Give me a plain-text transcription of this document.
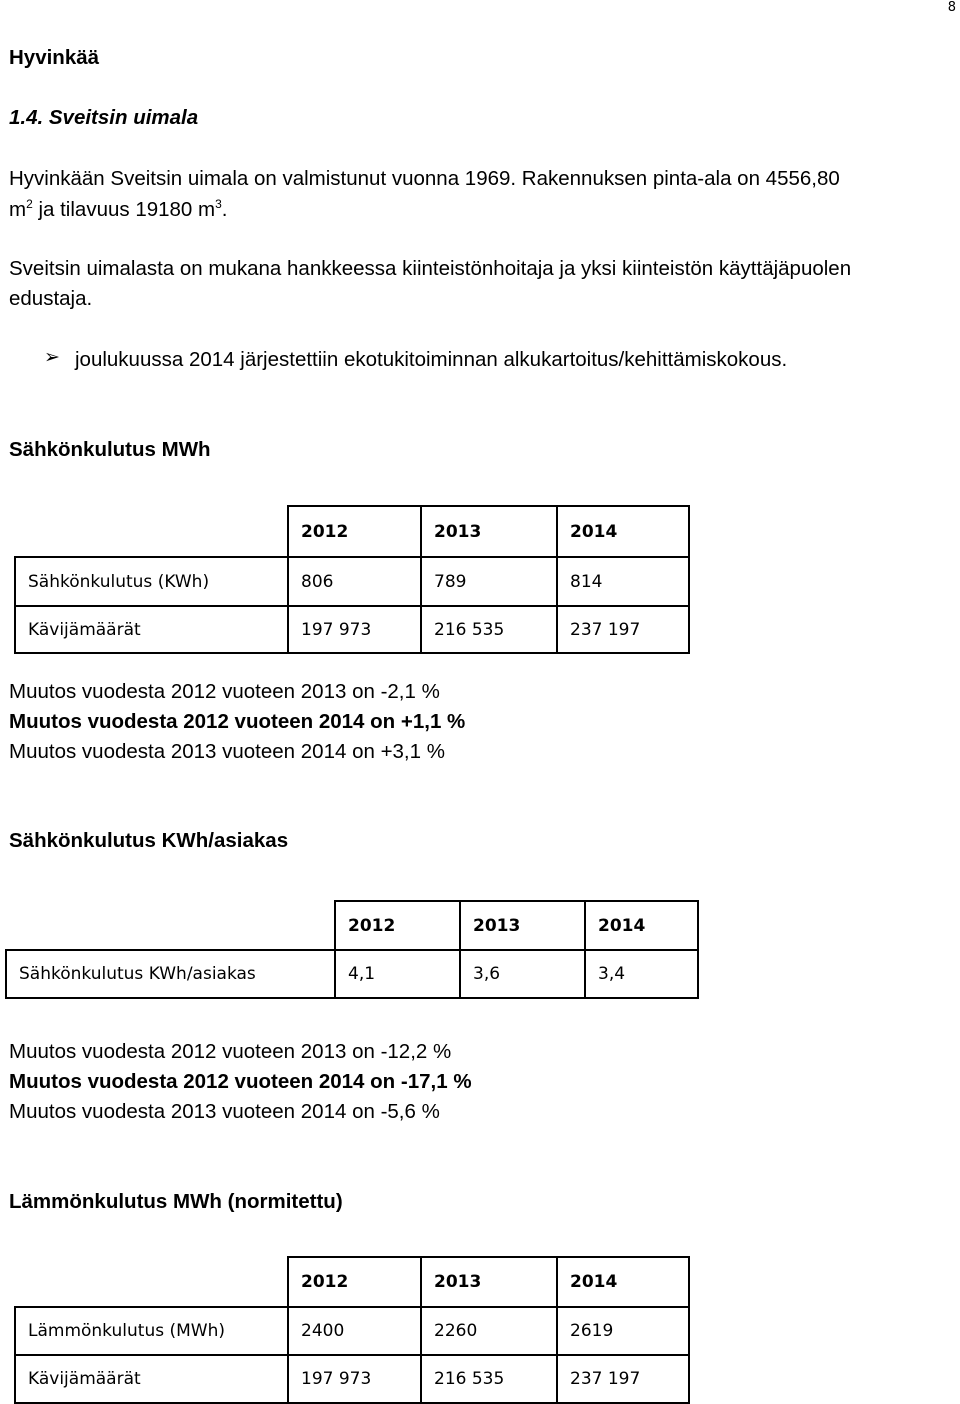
8
Hyvinkää
1.4. Sveitsin uimala
Hyvinkään Sveitsin uimala on valmistunut vuonna 1969. Rakennuksen pinta-ala on 4556,80
$m^2$ ja tilavuus 19180 $m^3$.
Sveitsin uimalasta on mukana hankkeessa kiinteistönhoitaja ja yksi kiinteistön käyttäjäpuolen
edustaja.
➢ joulukuussa 2014 järjestettiin ekotukitoiminnan alkukartoitus/kehittämiskokous.
Sähkönkulutus MWh
	2012	2013	2014
Sähkönkulutus (KWh)	806	789	814
Kävijämäärät	197 973	216 535	237 197
Muutos vuodesta 2012 vuoteen 2013 on -2,1 %
Muutos vuodesta 2012 vuoteen 2014 on +1,1 %
Muutos vuodesta 2013 vuoteen 2014 on +3,1 %
Sähkönkulutus KWh/asiakas
	2012	2013	2014
Sähkönkulutus KWh/asiakas	4,1	3,6	3,4
Muutos vuodesta 2012 vuoteen 2013 on -12,2 %
Muutos vuodesta 2012 vuoteen 2014 on -17,1 %
Muutos vuodesta 2013 vuoteen 2014 on -5,6 %
Lämmönkulutus MWh (normitettu)
	2012	2013	2014
Lämmönkulutus (MWh)	2400	2260	2619
Kävijämäärät	197 973	216 535	237 197
